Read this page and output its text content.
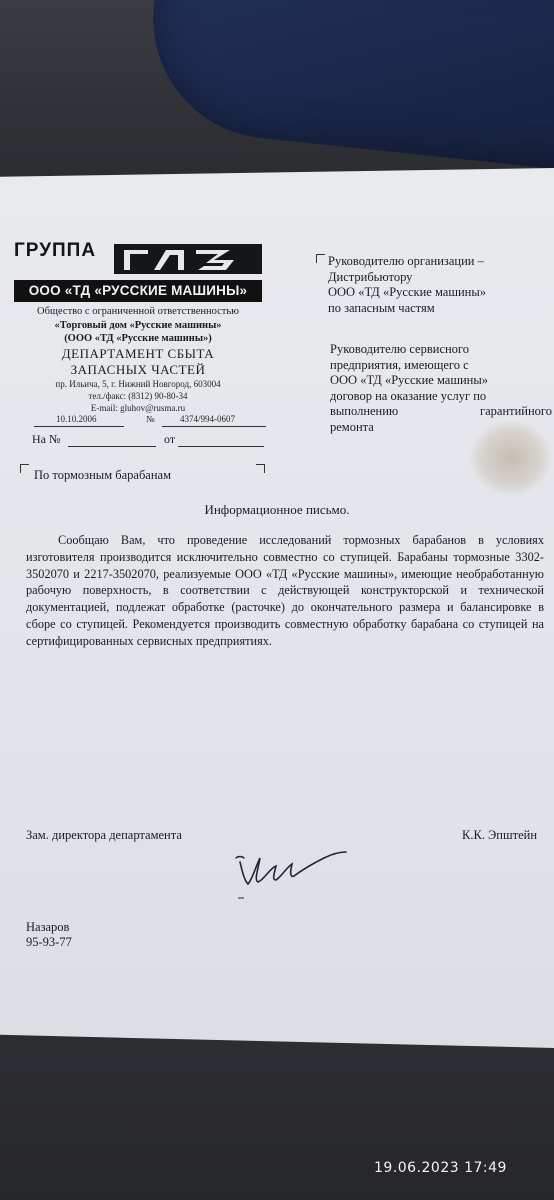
ГРУППА	ГАЗ
ООО «ТД «РУССКИЕ МАШИНЫ»
Общество с ограниченной ответственностью
«Торговый дом «Русские машины»
(ООО «ТД «Русские машины»)
ДЕПАРТАМЕНТ СБЫТА
ЗАПАСНЫХ ЧАСТЕЙ
пр. Ильича, 5, г. Нижний Новгород, 603004
тел./факс: (8312) 90-80-34
E-mail: gluhov@rusma.ru
10.10.2006	№	4374/994-0607
На №	от
Руководителю организации –
Дистрибьютору
ООО «ТД «Русские машины»
по запасным частям
Руководителю сервисного
предприятия, имеющего с
ООО «ТД «Русские машины»
договор на оказание услуг по
выполнению	гарантийного
ремонта
По тормозным барабанам
Информационное письмо.
Сообщаю Вам, что проведение исследований тормозных барабанов в условиях изготовителя производится исключительно совместно со ступицей. Барабаны тормозные 3302-3502070 и 2217-3502070, реализуемые ООО «ТД «Русские машины», имеющие необработанную рабочую поверхность, в соответствии с действующей конструкторской и технической документацией, подлежат обработке (расточке) до окончательного размера и балансировке в сборе со ступицей. Рекомендуется производить совместную обработку барабана со ступицей на сертифицированных сервисных предприятиях.
Зам. директора департамента	К.К. Эпштейн
Назаров
95-93-77
19.06.2023 17:49
